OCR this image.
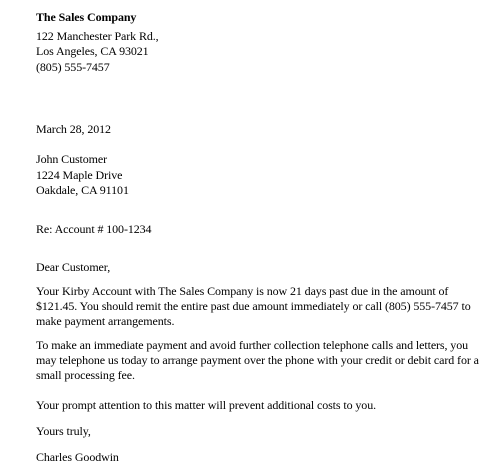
The Sales Company
122 Manchester Park Rd.,
Los Angeles, CA 93021
(805) 555-7457
March 28, 2012
John Customer
1224 Maple Drive
Oakdale, CA 91101
Re: Account # 100-1234
Dear Customer,
Your Kirby Account with The Sales Company is now 21 days past due in the amount of
$121.45. You should remit the entire past due amount immediately or call (805) 555-7457 to
make payment arrangements.
To make an immediate payment and avoid further collection telephone calls and letters, you
may telephone us today to arrange payment over the phone with your credit or debit card for a
small processing fee.
Your prompt attention to this matter will prevent additional costs to you.
Yours truly,
Charles Goodwin
